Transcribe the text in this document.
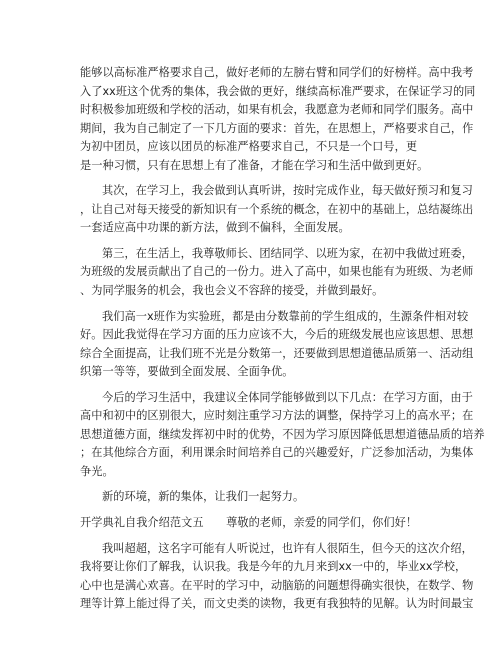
能够以高标准严格要求自己，做好老师的左膀右臂和同学们的好榜样。高中我考
入了xx班这个优秀的集体，我会做的更好，继续高标准严要求，在保证学习的同
时积极参加班级和学校的活动，如果有机会，我愿意为老师和同学们服务。高中
期间，我为自己制定了一下几方面的要求：首先，在思想上，严格要求自己，作
为初中团员，应该以团员的标准严格要求自己，不只是一个口号，更
是一种习惯，只有在思想上有了准备，才能在学习和生活中做到更好。
其次，在学习上，我会做到认真听讲，按时完成作业，每天做好预习和复习
，让自己对每天接受的新知识有一个系统的概念，在初中的基础上，总结凝练出
一套适应高中功课的新方法，做到不偏科，全面发展。
第三，在生活上，我尊敬师长、团结同学、以班为家，在初中我做过班委，
为班级的发展贡献出了自己的一份力。进入了高中，如果也能有为班级、为老师
、为同学服务的机会，我也会义不容辞的接受，并做到最好。
我们高一x班作为实验班，都是由分数靠前的学生组成的，生源条件相对较
好。因此我觉得在学习方面的压力应该不大，今后的班级发展也应该思想、思想
综合全面提高，让我们班不光是分数第一，还要做到思想道德品质第一、活动组
织第一等等，要做到全面发展、全面争优。
今后的学习生活中，我建议全体同学能够做到以下几点：在学习方面，由于
高中和初中的区别很大，应时刻注重学习方法的调整，保持学习上的高水平；在
思想道德方面，继续发挥初中时的优势，不因为学习原因降低思想道德品质的培养
；在其他综合方面，利用课余时间培养自己的兴趣爱好，广泛参加活动，为集体
争光。
新的环境，新的集体，让我们一起努力。
开学典礼自我介绍范文五　　尊敬的老师，亲爱的同学们，你们好！
我叫超超，这名字可能有人听说过，也许有人很陌生，但今天的这次介绍，
我将要让你们了解我，认识我。我是今年的九月来到xx一中的，毕业xx学校，
心中也是满心欢喜。在平时的学习中，动脑筋的问题想得确实很快，在数学、物
理等计算上能过得了关，而文史类的读物，我更有我独特的见解。认为时间最宝
